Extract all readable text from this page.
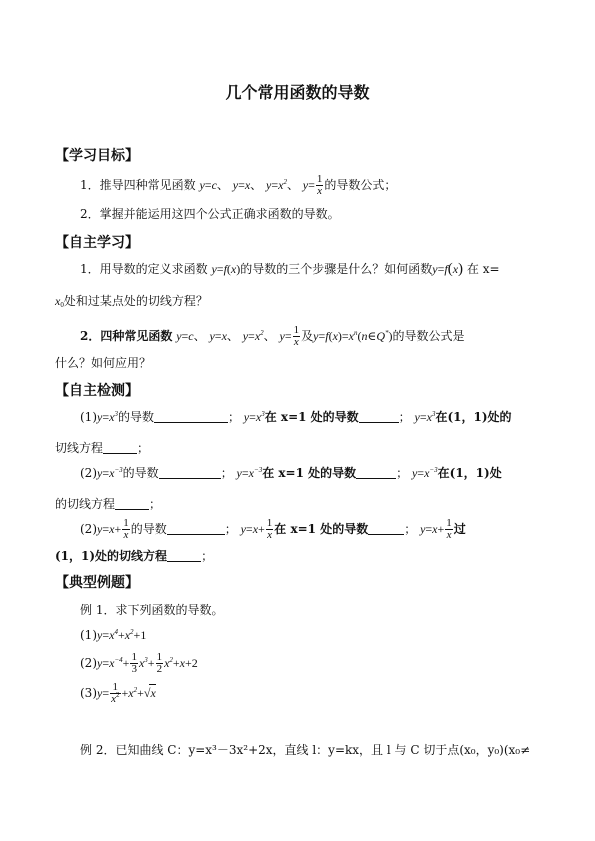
几个常用函数的导数
【学习目标】
1．推导四种常见函数 y=c、 y=x、 $y=x^2$、 $y= \frac{1}{x}$ 的导数公式；
2．掌握并能运用这四个公式正确求函数的导数。
【自主学习】
1．用导数的定义求函数 y=f(x)的导数的三个步骤是什么？如何函数y=f(x) 在 x=
$x_0$处和过某点处的切线方程？
2．四种常见函数 y=c、 y=x、 $y=x^2$、 $y= \frac{1}{x}$ 及$y=f(x)=x^n(n\in Q^*)$的导数公式是
什么？如何应用？
【自主检测】
$(1)y=x^3$的导数	； $y=x^3$在 x=1 处的导数	； $y=x^3$在(1，1)处的
切线方程	；
$(2)y=x^{-3}$的导数	； $y=x^{-3}$在 x=1 处的导数	； $y=x^{-3}$在(1，1)处
的切线方程	；
$(2)y=x+ \frac{1}{x}$ 的导数	； $y=x+ \frac{1}{x}$ 在 x=1 处的导数	； $y=x+ \frac{1}{x}$ 过
(1，1)处的切线方程	；
【典型例题】
例 1．求下列函数的导数。
$(1)y=x^4+x^2+1$
$(2)y=x^{-4}+ \frac{1}{3} x^3+ \frac{1}{2} x^2+x+2$
$(3)y= \frac{1}{x^2} +x^2+√x$
例 2．已知曲线 C：y=x³－3x²+2x，直线 l：y=kx，且 l 与 C 切于点(x₀，y₀)(x₀≠
